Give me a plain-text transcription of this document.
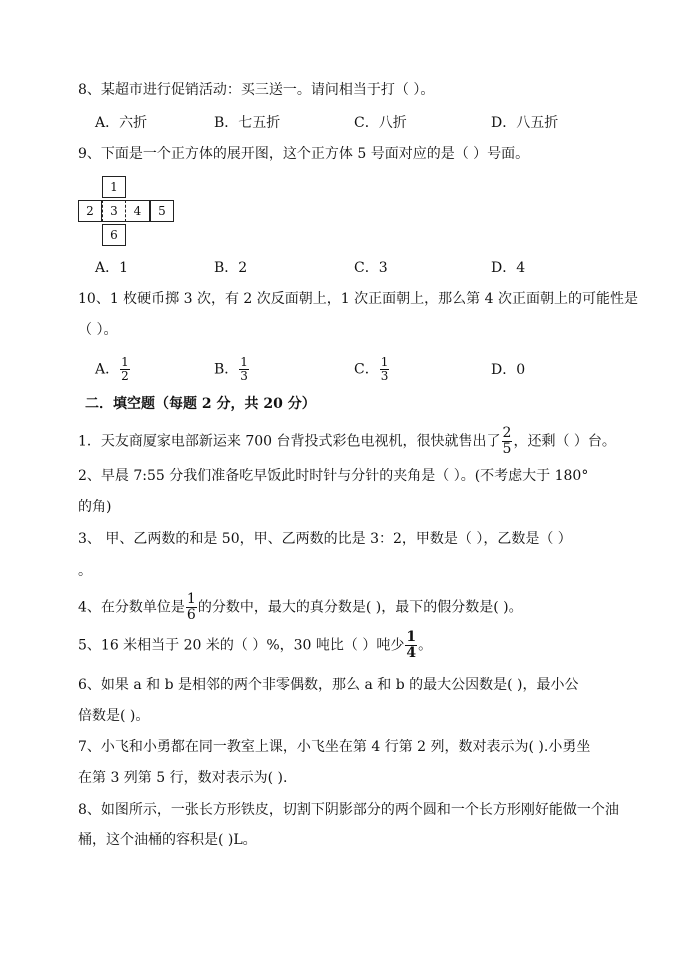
8、某超市进行促销活动：买三送一。请问相当于打（ ）。
A．六折	B．七五折	C．八折	D．八五折
9、下面是一个正方体的展开图，这个正方体 5 号面对应的是（ ）号面。
1
2	3	4	5
6
A．1	B．2	C．3	D．4
10、1 枚硬币掷 3 次，有 2 次反面朝上，1 次正面朝上，那么第 4 次正面朝上的可能性是
（ ）。
A． $\frac{1}{2}$	B． $\frac{1}{3}$	C． $\frac{1}{3}$	D．0
二．填空题（每题 2 分，共 20 分）
1．天友商厦家电部新运来 700 台背投式彩色电视机，很快就售出了 $\frac{2}{5}$ ，还剩（ ）台。
2、早晨 7:55 分我们准备吃早饭此时时针与分针的夹角是（ ）。(不考虑大于 180°
的角)
3、 甲、乙两数的和是 50，甲、乙两数的比是 3：2，甲数是（ ），乙数是（ ）
。
4、在分数单位是 $\frac{1}{6}$ 的分数中，最大的真分数是( )，最下的假分数是( )。
5、16 米相当于 20 米的（ ）%，30 吨比（ ）吨少 $\frac{1}{4}$ 。
6、如果 a 和 b 是相邻的两个非零偶数，那么 a 和 b 的最大公因数是( )，最小公
倍数是( )。
7、小飞和小勇都在同一教室上课，小飞坐在第 4 行第 2 列，数对表示为( ).小勇坐
在第 3 列第 5 行，数对表示为( ).
8、如图所示，一张长方形铁皮，切割下阴影部分的两个圆和一个长方形刚好能做一个油
桶，这个油桶的容积是( )L。
